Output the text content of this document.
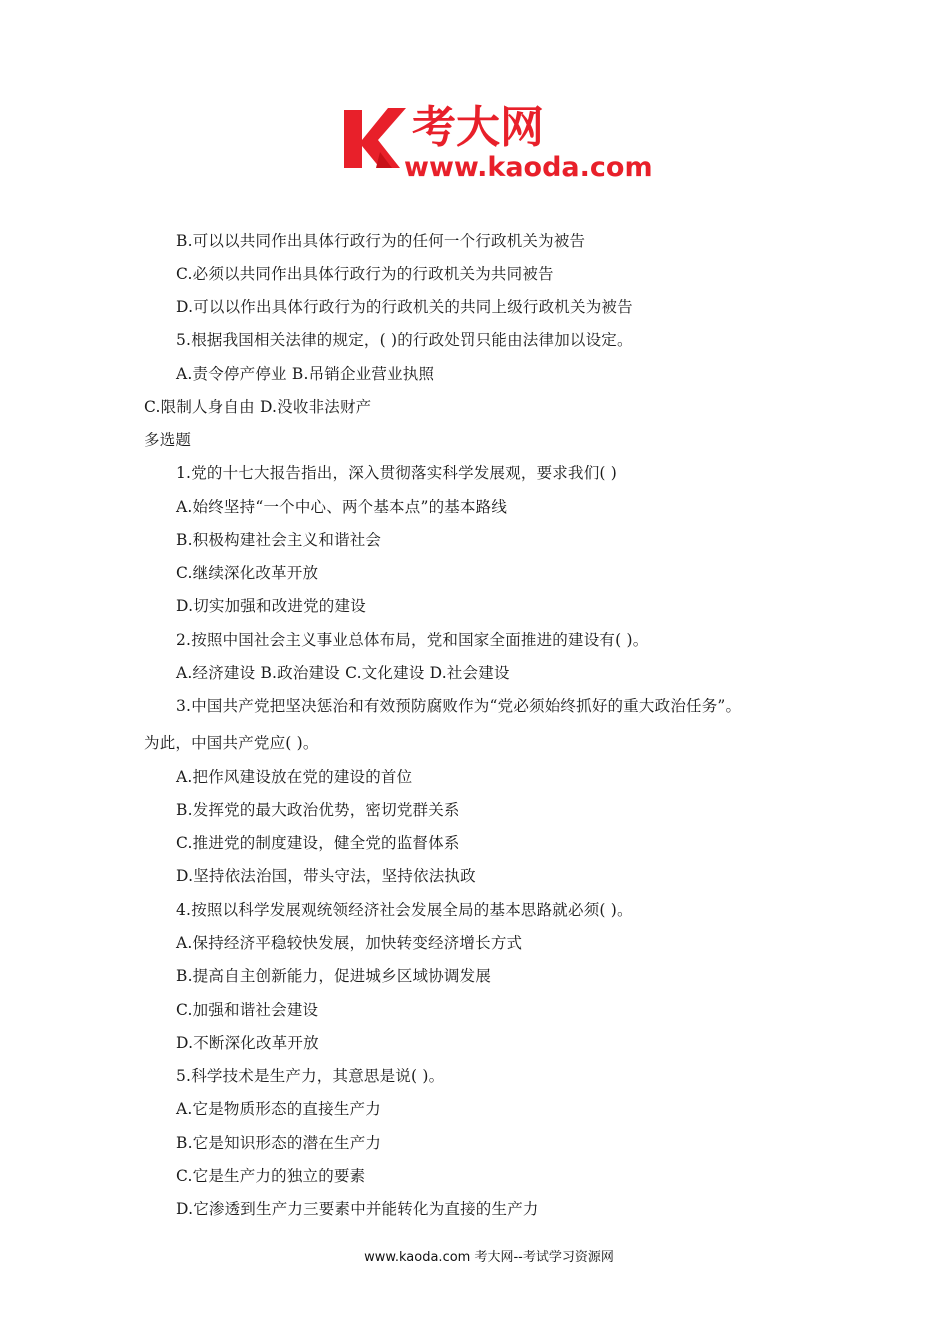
考大网
www.kaoda.com
B.可以以共同作出具体行政行为的任何一个行政机关为被告
C.必须以共同作出具体行政行为的行政机关为共同被告
D.可以以作出具体行政行为的行政机关的共同上级行政机关为被告
5.根据我国相关法律的规定，( )的行政处罚只能由法律加以设定。
A.责令停产停业 B.吊销企业营业执照
C.限制人身自由 D.没收非法财产
多选题
1.党的十七大报告指出，深入贯彻落实科学发展观，要求我们( )
A.始终坚持“一个中心、两个基本点”的基本路线
B.积极构建社会主义和谐社会
C.继续深化改革开放
D.切实加强和改进党的建设
2.按照中国社会主义事业总体布局，党和国家全面推进的建设有( )。
A.经济建设 B.政治建设 C.文化建设 D.社会建设
3.中国共产党把坚决惩治和有效预防腐败作为“党必须始终抓好的重大政治任务”。
为此，中国共产党应( )。
A.把作风建设放在党的建设的首位
B.发挥党的最大政治优势，密切党群关系
C.推进党的制度建设，健全党的监督体系
D.坚持依法治国，带头守法，坚持依法执政
4.按照以科学发展观统领经济社会发展全局的基本思路就必须( )。
A.保持经济平稳较快发展，加快转变经济增长方式
B.提高自主创新能力，促进城乡区域协调发展
C.加强和谐社会建设
D.不断深化改革开放
5.科学技术是生产力，其意思是说( )。
A.它是物质形态的直接生产力
B.它是知识形态的潜在生产力
C.它是生产力的独立的要素
D.它渗透到生产力三要素中并能转化为直接的生产力
www.kaoda.com 考大网--考试学习资源网
